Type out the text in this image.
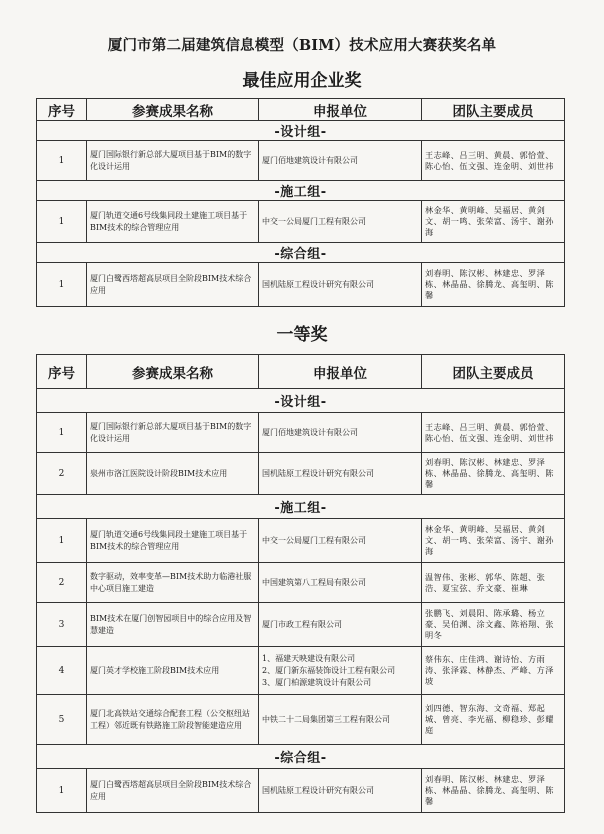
厦门市第二届建筑信息模型（BIM）技术应用大赛获奖名单
最佳应用企业奖
序号	参赛成果名称	申报单位	团队主要成员
-设计组-			
1	厦门国际银行新总部大厦项目基于BIM的数字化设计运用	厦门佰地建筑设计有限公司	王志峰、吕三明、黄晨、郭恰萱、陈心怡、伍文强、连金明、刘世祎
-施工组-			
1	厦门轨道交通6号线集同段土建施工项目基于BIM技术的综合管理应用	中交一公局厦门工程有限公司	林金华、黄明峰、吴福居、黄剑文、胡一鸣、张荣富、汤宇、谢孙海
-综合组-			
1	厦门白鹭西塔超高层项目全阶段BIM技术综合应用	国机陆原工程设计研究有限公司	刘春明、陈汉彬、林建忠、罗泽栋、林晶晶、徐腾龙、高玺明、陈馨
一等奖
序号	参赛成果名称	申报单位	团队主要成员
-设计组-			
1	厦门国际银行新总部大厦项目基于BIM的数字化设计运用	厦门佰地建筑设计有限公司	王志峰、吕三明、黄晨、郭恰萱、陈心怡、伍文强、连金明、刘世祎
2	泉州市洛江医院设计阶段BIM技术应用	国机陆原工程设计研究有限公司	刘春明、陈汉彬、林建忠、罗泽栋、林晶晶、徐腾龙、高玺明、陈馨
-施工组-			
1	厦门轨道交通6号线集同段土建施工项目基于BIM技术的综合管理应用	中交一公局厦门工程有限公司	林金华、黄明峰、吴福居、黄剑文、胡一鸣、张荣富、汤宇、谢孙海
2	数字驱动，效率变革—BIM技术助力临港社服中心项目施工建造	中国建筑第八工程局有限公司	温智伟、张彬、郭华、陈超、张浩、夏宝弦、乔文豪、崔琳
3	BIM技术在厦门创智园项目中的综合应用及智慧建造	厦门市政工程有限公司	张鹏飞、刘晨阳、陈承璐、杨立豪、吴伯渊、涂文鑫、陈裕翔、张明冬
4	厦门英才学校施工阶段BIM技术应用	1、福建天映建设有限公司
2、厦门新东福装饰设计工程有限公司
3、厦门柏源建筑设计有限公司	蔡伟东、庄佳鸿、谢诗怡、方雨涛、张泽霖、林静杰、严峰、方泽坡
5	厦门北高铁站交通综合配套工程（公交枢纽站工程）邻近既有铁路施工阶段智能建造应用	中铁二十二局集团第三工程有限公司	刘四德、智东海、文奇福、郑起城、曾亮、李光福、柳稳珍、彭耀庭
-综合组-			
1	厦门白鹭西塔超高层项目全阶段BIM技术综合应用	国机陆原工程设计研究有限公司	刘春明、陈汉彬、林建忠、罗泽栋、林晶晶、徐腾龙、高玺明、陈馨
